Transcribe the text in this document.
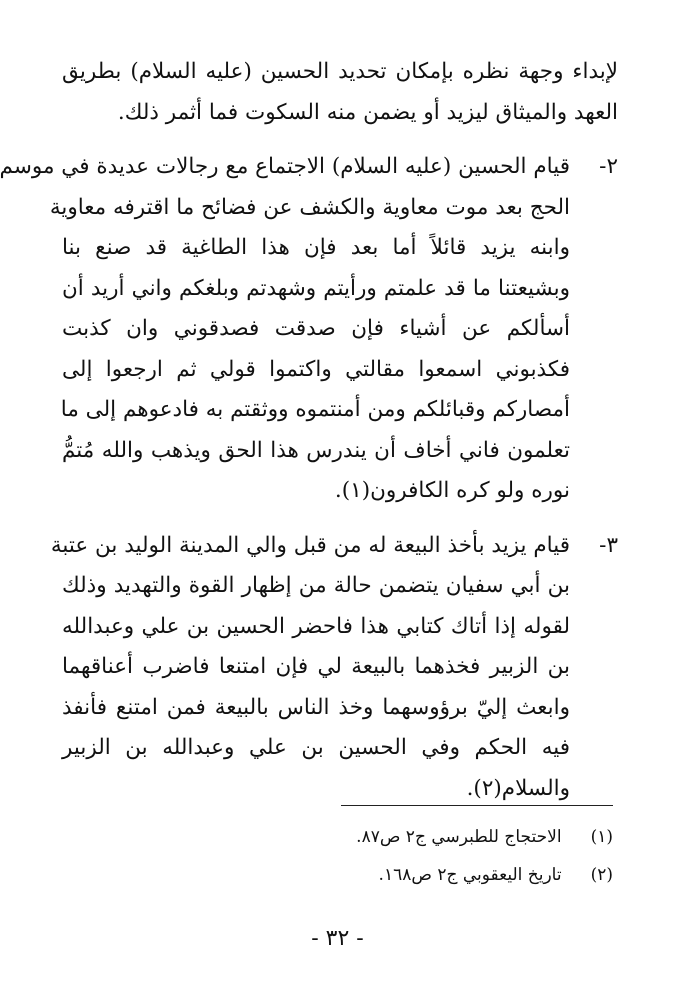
لإبداء وجهة نظره بإمكان تحديد الحسين (عليه السلام) بطريق
العهد والميثاق ليزيد أو يضمن منه السكوت فما أثمر ذلك.
٢-قيام الحسين (عليه السلام) الاجتماع مع رجالات عديدة في موسم
الحج بعد موت معاوية والكشف عن فضائح ما اقترفه معاوية
وابنه يزيد قائلاً أما بعد فإن هذا الطاغية قد صنع بنا
وبشيعتنا ما قد علمتم ورأيتم وشهدتم وبلغكم واني أريد أن
أسألكم عن أشياء فإن صدقت فصدقوني وان كذبت
فكذبوني اسمعوا مقالتي واكتموا قولي ثم ارجعوا إلى
أمصاركم وقبائلكم ومن أمنتموه ووثقتم به فادعوهم إلى ما
تعلمون فاني أخاف أن يندرس هذا الحق ويذهب والله مُتمُّ
نوره ولو كره الكافرون(١).
٣-قيام يزيد بأخذ البيعة له من قبل والي المدينة الوليد بن عتبة
بن أبي سفيان يتضمن حالة من إظهار القوة والتهديد وذلك
لقوله إذا أتاك كتابي هذا فاحضر الحسين بن علي وعبدالله
بن الزبير فخذهما بالبيعة لي فإن امتنعا فاضرب أعناقهما
وابعث إليّ برؤوسهما وخذ الناس بالبيعة فمن امتنع فأنفذ
فيه الحكم وفي الحسين بن علي وعبدالله بن الزبير
والسلام(٢).
(١) الاحتجاج للطبرسي ج٢ ص٨٧.
(٢) تاريخ اليعقوبي ج٢ ص١٦٨.
- ٣٢ -
